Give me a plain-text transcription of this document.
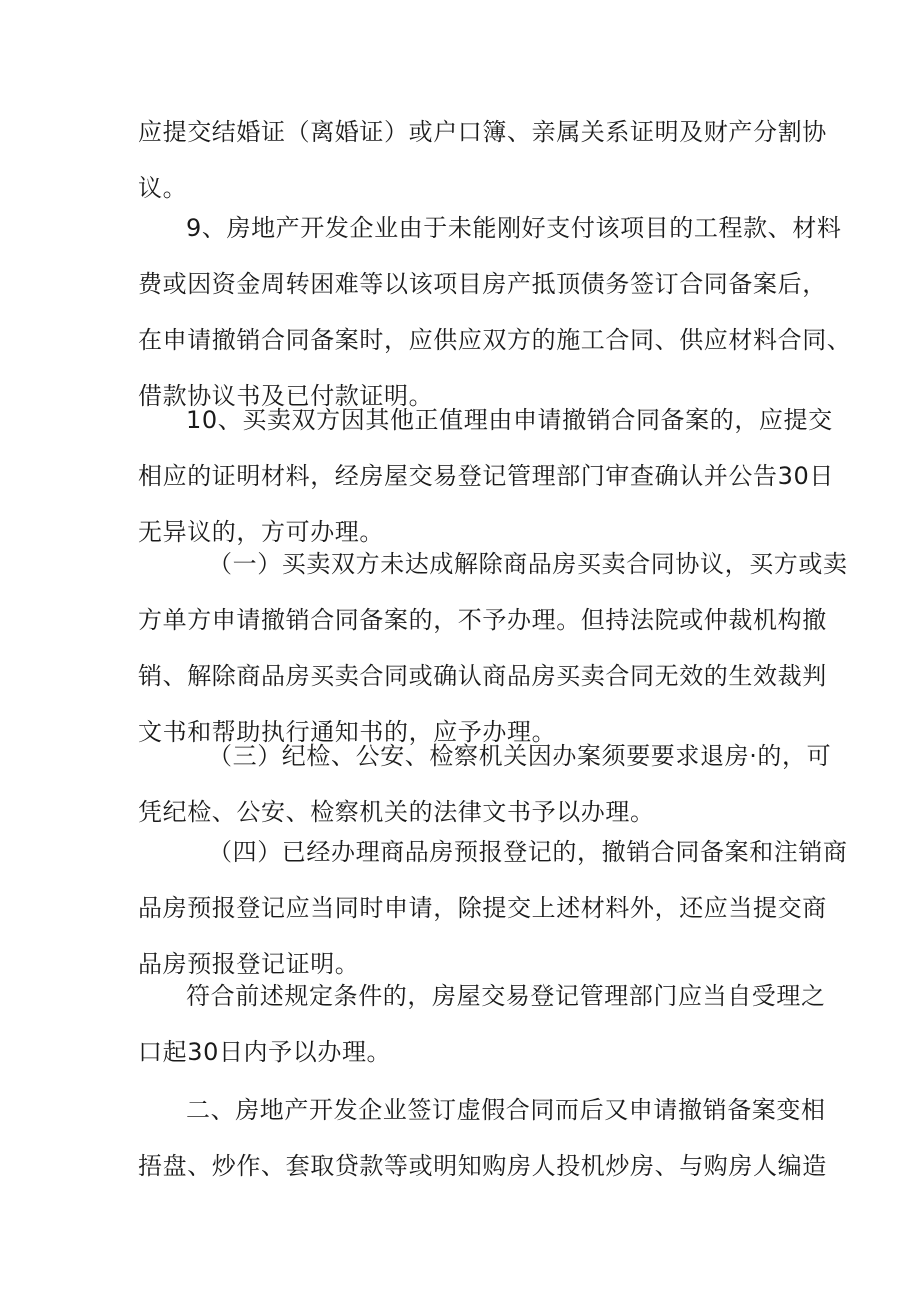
应提交结婚证（离婚证）或户口簿、亲属关系证明及财产分割协
议。
9、房地产开发企业由于未能刚好支付该项目的工程款、材料
费或因资金周转困难等以该项目房产抵顶债务签订合同备案后，
在申请撤销合同备案时，应供应双方的施工合同、供应材料合同、
借款协议书及已付款证明。
10、买卖双方因其他正值理由申请撤销合同备案的，应提交
相应的证明材料，经房屋交易登记管理部门审查确认并公告30日
无异议的，方可办理。
（一）买卖双方未达成解除商品房买卖合同协议，买方或卖
方单方申请撤销合同备案的，不予办理。但持法院或仲裁机构撤
销、解除商品房买卖合同或确认商品房买卖合同无效的生效裁判
文书和帮助执行通知书的，应予办理。
（三）纪检、公安、检察机关因办案须要要求退房·的，可
凭纪检、公安、检察机关的法律文书予以办理。
（四）已经办理商品房预报登记的，撤销合同备案和注销商
品房预报登记应当同时申请，除提交上述材料外，还应当提交商
品房预报登记证明。
符合前述规定条件的，房屋交易登记管理部门应当自受理之
口起30日内予以办理。
二、房地产开发企业签订虚假合同而后又申请撤销备案变相
捂盘、炒作、套取贷款等或明知购房人投机炒房、与购房人编造
